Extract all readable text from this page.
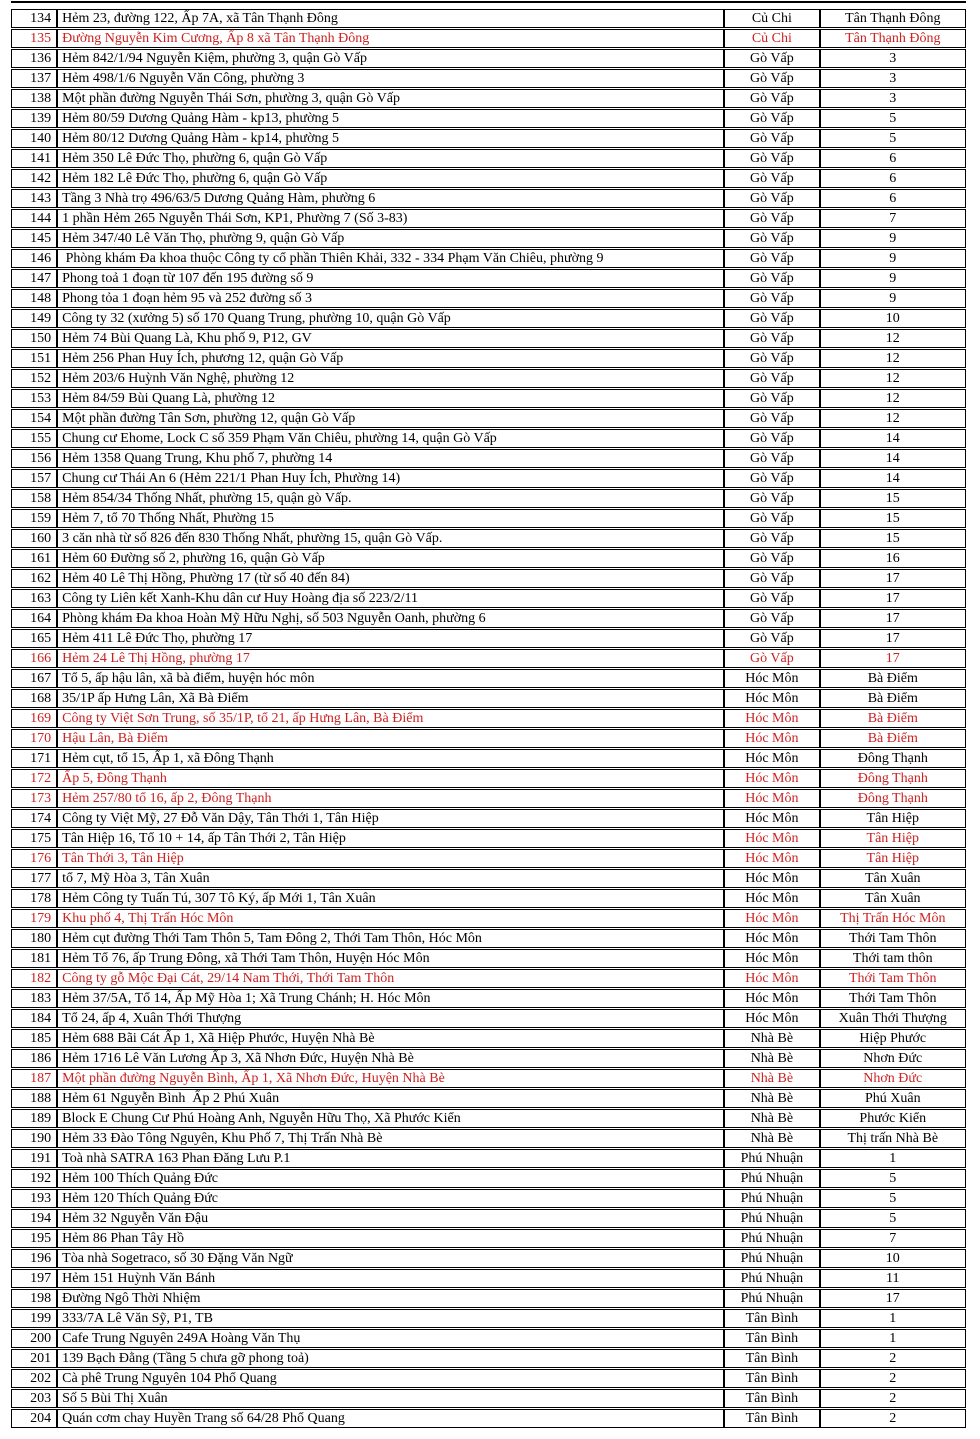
134	Hẻm 23, đường 122, Ấp 7A, xã Tân Thạnh Đông	Củ Chi	Tân Thạnh Đông
135	Đường Nguyễn Kim Cương, Ấp 8 xã Tân Thạnh Đông	Củ Chi	Tân Thạnh Đông
136	Hẻm 842/1/94 Nguyễn Kiệm, phường 3, quận Gò Vấp	Gò Vấp	3
137	Hẻm 498/1/6 Nguyễn Văn Công, phường 3	Gò Vấp	3
138	Một phần đường Nguyễn Thái Sơn, phường 3, quận Gò Vấp	Gò Vấp	3
139	Hẻm 80/59 Dương Quảng Hàm - kp13, phường 5	Gò Vấp	5
140	Hẻm 80/12 Dương Quảng Hàm - kp14, phường 5	Gò Vấp	5
141	Hẻm 350 Lê Đức Thọ, phường 6, quận Gò Vấp	Gò Vấp	6
142	Hẻm 182 Lê Đức Thọ, phường 6, quận Gò Vấp	Gò Vấp	6
143	Tầng 3 Nhà trọ 496/63/5 Dương Quảng Hàm, phường 6	Gò Vấp	6
144	1 phần Hẻm 265 Nguyễn Thái Sơn, KP1, Phường 7 (Số 3-83)	Gò Vấp	7
145	Hẻm 347/40 Lê Văn Thọ, phường 9, quận Gò Vấp	Gò Vấp	9
146	Phòng khám Đa khoa thuộc Công ty cổ phần Thiên Khải, 332 - 334 Phạm Văn Chiêu, phường 9	Gò Vấp	9
147	Phong toả 1 đoạn từ 107 đến 195 đường số 9	Gò Vấp	9
148	Phong tỏa 1 đoạn hẻm 95 và 252 đường số 3	Gò Vấp	9
149	Công ty 32 (xưởng 5) số 170 Quang Trung, phường 10, quận Gò Vấp	Gò Vấp	10
150	Hẻm 74 Bùi Quang Là, Khu phố 9, P12, GV	Gò Vấp	12
151	Hẻm 256 Phan Huy Ích, phương 12, quận Gò Vấp	Gò Vấp	12
152	Hẻm 203/6 Huỳnh Văn Nghệ, phường 12	Gò Vấp	12
153	Hẻm 84/59 Bùi Quang Là, phường 12	Gò Vấp	12
154	Một phần đường Tân Sơn, phường 12, quận Gò Vấp	Gò Vấp	12
155	Chung cư Ehome, Lock C số 359 Phạm Văn Chiêu, phường 14, quận Gò Vấp	Gò Vấp	14
156	Hẻm 1358 Quang Trung, Khu phố 7, phường 14	Gò Vấp	14
157	Chung cư Thái An 6 (Hẻm 221/1 Phan Huy Ích, Phường 14)	Gò Vấp	14
158	Hẻm 854/34 Thống Nhất, phường 15, quận gò Vấp.	Gò Vấp	15
159	Hẻm 7, tổ 70 Thống Nhất, Phường 15	Gò Vấp	15
160	3 căn nhà từ số 826 đến 830 Thống Nhất, phường 15, quận Gò Vấp.	Gò Vấp	15
161	Hẻm 60 Đường số 2, phường 16, quận Gò Vấp	Gò Vấp	16
162	Hẻm 40 Lê Thị Hồng, Phường 17 (từ số 40 đến 84)	Gò Vấp	17
163	Công ty Liên kết Xanh-Khu dân cư Huy Hoàng địa số 223/2/11	Gò Vấp	17
164	Phòng khám Đa khoa Hoàn Mỹ Hữu Nghị, số 503 Nguyễn Oanh, phường 6	Gò Vấp	17
165	Hẻm 411 Lê Đức Thọ, phường 17	Gò Vấp	17
166	Hẻm 24 Lê Thị Hồng, phường 17	Gò Vấp	17
167	Tổ 5, ấp hậu lân, xã bà điểm, huyện hóc môn	Hóc Môn	Bà Điểm
168	35/1P ấp Hưng Lân, Xã Bà Điểm	Hóc Môn	Bà Điểm
169	Công ty Việt Sơn Trung, số 35/1P, tổ 21, ấp Hưng Lân, Bà Điểm	Hóc Môn	Bà Điểm
170	Hậu Lân, Bà Điểm	Hóc Môn	Bà Điểm
171	Hẻm cụt, tổ 15, Ấp 1, xã Đông Thạnh	Hóc Môn	Đông Thạnh
172	Ấp 5, Đông Thạnh	Hóc Môn	Đông Thạnh
173	Hẻm 257/80 tổ 16, ấp 2, Đông Thạnh	Hóc Môn	Đông Thạnh
174	Công ty Việt Mỹ, 27 Đỗ Văn Dậy, Tân Thới 1, Tân Hiệp	Hóc Môn	Tân Hiệp
175	Tân Hiệp 16, Tổ 10 + 14, ấp Tân Thới 2, Tân Hiệp	Hóc Môn	Tân Hiệp
176	Tân Thới 3, Tân Hiệp	Hóc Môn	Tân Hiệp
177	tổ 7, Mỹ Hòa 3, Tân Xuân	Hóc Môn	Tân Xuân
178	Hẻm Công ty Tuấn Tú, 307 Tô Ký, ấp Mới 1, Tân Xuân	Hóc Môn	Tân Xuân
179	Khu phố 4, Thị Trấn Hóc Môn	Hóc Môn	Thị Trấn Hóc Môn
180	Hẻm cụt đường Thới Tam Thôn 5, Tam Đông 2, Thới Tam Thôn, Hóc Môn	Hóc Môn	Thới Tam Thôn
181	Hẻm Tổ 76, ấp Trung Đông, xã Thới Tam Thôn, Huyện Hóc Môn	Hóc Môn	Thới tam thôn
182	Công ty gỗ Mộc Đại Cát, 29/14 Nam Thới, Thới Tam Thôn	Hóc Môn	Thới Tam Thôn
183	Hẻm 37/5A, Tổ 14, Ấp Mỹ Hòa 1; Xã Trung Chánh; H. Hóc Môn	Hóc Môn	Thới Tam Thôn
184	Tổ 24, ấp 4, Xuân Thới Thượng	Hóc Môn	Xuân Thới Thượng
185	Hẻm 688 Bãi Cát Ấp 1, Xã Hiệp Phước, Huyện Nhà Bè	Nhà Bè	Hiệp Phước
186	Hẻm 1716 Lê Văn Lương Ấp 3, Xã Nhơn Đức, Huyện Nhà Bè	Nhà Bè	Nhơn Đức
187	Một phần đường Nguyễn Bình, Ấp 1, Xã Nhơn Đức, Huyện Nhà Bè	Nhà Bè	Nhơn Đức
188	Hẻm 61 Nguyễn Bình  Ấp 2 Phú Xuân	Nhà Bè	Phú Xuân
189	Block E Chung Cư Phú Hoàng Anh, Nguyễn Hữu Thọ, Xã Phước Kiển	Nhà Bè	Phước Kiển
190	Hẻm 33 Đào Tông Nguyên, Khu Phố 7, Thị Trấn Nhà Bè	Nhà Bè	Thị trấn Nhà Bè
191	Toà nhà SATRA 163 Phan Đăng Lưu P.1	Phú Nhuận	1
192	Hẻm 100 Thích Quảng Đức	Phú Nhuận	5
193	Hẻm 120 Thích Quảng Đức	Phú Nhuận	5
194	Hẻm 32 Nguyễn Văn Đậu	Phú Nhuận	5
195	Hẻm 86 Phan Tây Hồ	Phú Nhuận	7
196	Tòa nhà Sogetraco, số 30 Đặng Văn Ngữ	Phú Nhuận	10
197	Hẻm 151 Huỳnh Văn Bánh	Phú Nhuận	11
198	Đường Ngô Thời Nhiệm	Phú Nhuận	17
199	333/7A Lê Văn Sỹ, P1, TB	Tân Bình	1
200	Cafe Trung Nguyên 249A Hoàng Văn Thụ	Tân Bình	1
201	139 Bạch Đằng (Tầng 5 chưa gỡ phong toả)	Tân Bình	2
202	Cà phê Trung Nguyên 104 Phổ Quang	Tân Bình	2
203	Số 5 Bùi Thị Xuân	Tân Bình	2
204	Quán cơm chay Huyền Trang số 64/28 Phổ Quang	Tân Bình	2
